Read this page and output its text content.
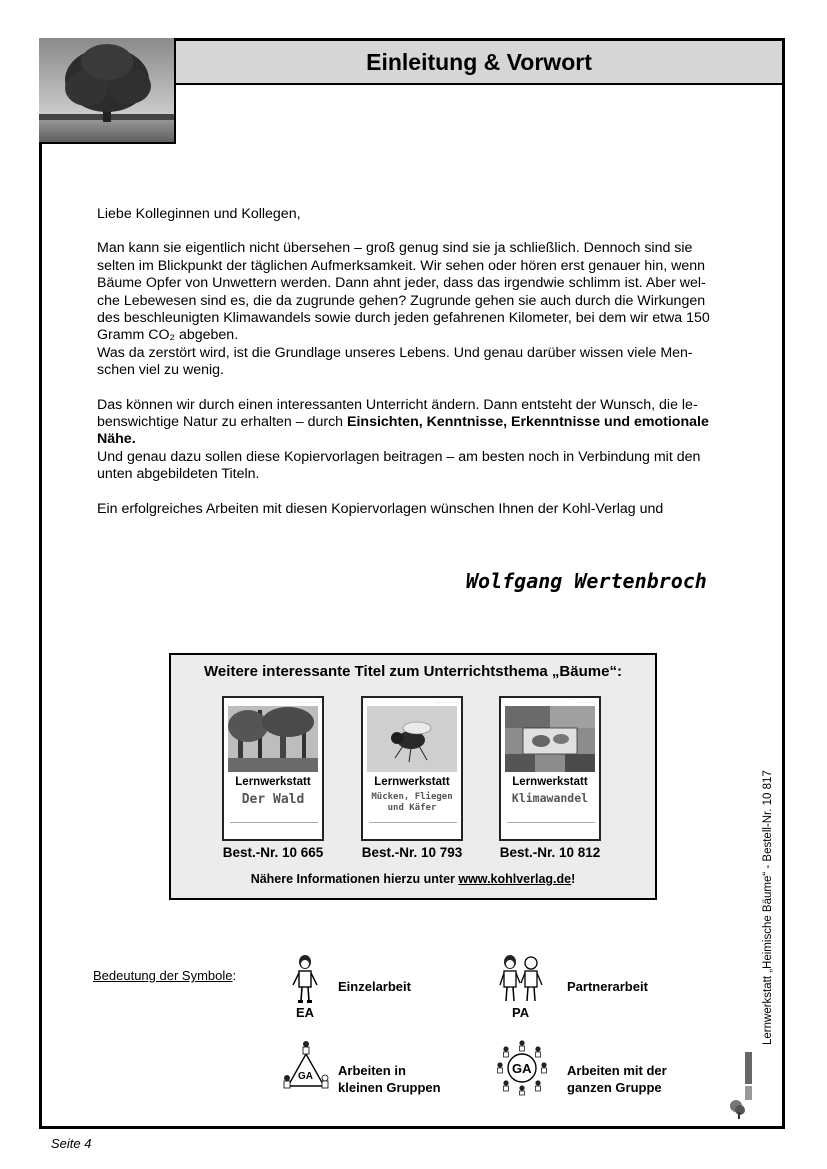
Einleitung & Vorwort

Liebe Kolleginnen und Kollegen,

Man kann sie eigentlich nicht übersehen – groß genug sind sie ja schließlich. Dennoch sind sie
selten im Blickpunkt der täglichen Aufmerksamkeit. Wir sehen oder hören erst genauer hin, wenn
Bäume Opfer von Unwettern werden. Dann ahnt jeder, dass das irgendwie schlimm ist. Aber wel-
che Lebewesen sind es, die da zugrunde gehen? Zugrunde gehen sie auch durch die Wirkungen
des beschleunigten Klimawandels sowie durch jeden gefahrenen Kilometer, bei dem wir etwa 150
Gramm CO₂ abgeben.
Was da zerstört wird, ist die Grundlage unseres Lebens. Und genau darüber wissen viele Men-
schen viel zu wenig.

Das können wir durch einen interessanten Unterricht ändern. Dann entsteht der Wunsch, die le-
benswichtige Natur zu erhalten – durch Einsichten, Kenntnisse, Erkenntnisse und emotionale
Nähe.
Und genau dazu sollen diese Kopiervorlagen beitragen – am besten noch in Verbindung mit den
unten abgebildeten Titeln.

Ein erfolgreiches Arbeiten mit diesen Kopiervorlagen wünschen Ihnen der Kohl-Verlag und

Wolfgang Wertenbroch
Weitere interessante Titel zum Unterrichtsthema „Bäume“:
· · · · · · · · ·
Lernwerkstatt
Der Wald
Best.-Nr. 10 665
· · · · · · · · ·
Lernwerkstatt
Mücken, Fliegen
und Käfer
Best.-Nr. 10 793
· · · · · · · · ·
Lernwerkstatt
Klimawandel
Best.-Nr. 10 812
Nähere Informationen hierzu unter www.kohlverlag.de!
Bedeutung der Symbole:
EA
Einzelarbeit
PA
Partnerarbeit
GA Arbeiten in
kleinen Gruppen
GA	Arbeiten mit der
ganzen Gruppe
Lernwerkstatt „Heimische Bäume“ - Bestell-Nr. 10 817
Seite 4
